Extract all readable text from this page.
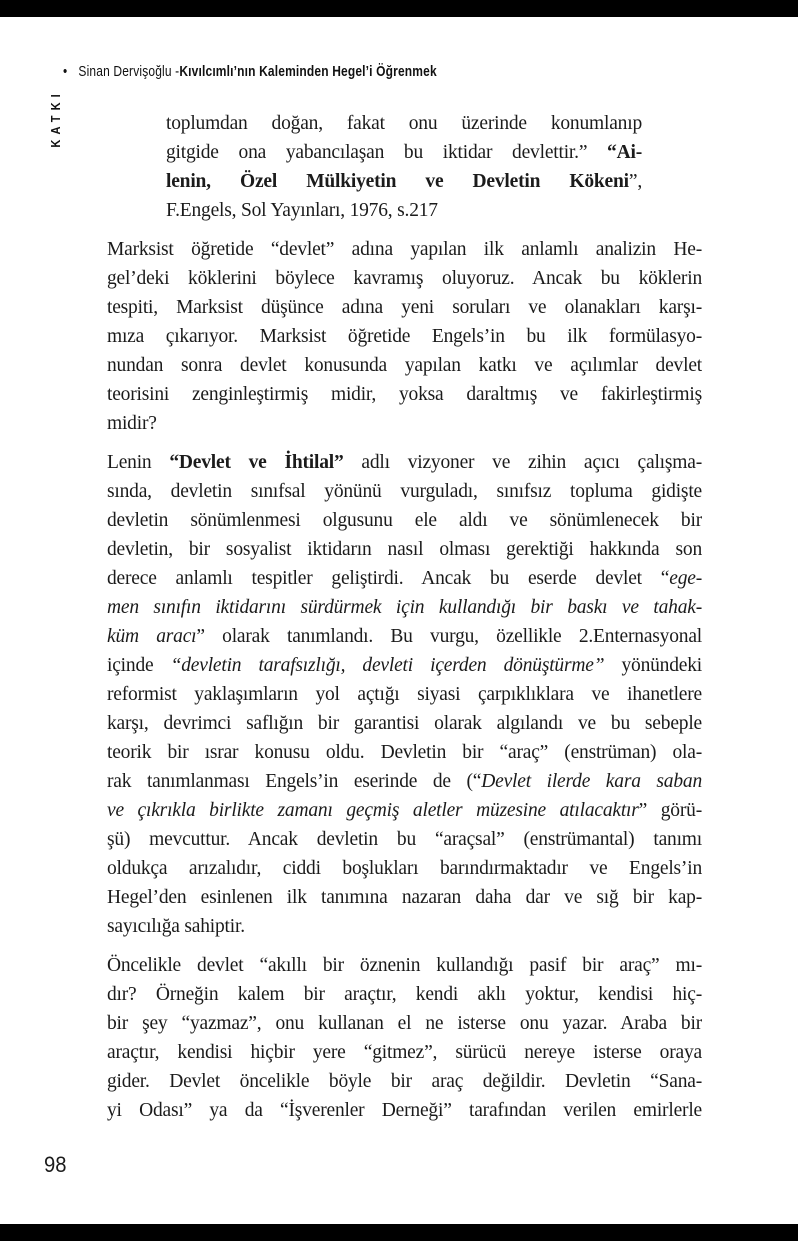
• Sinan Dervişoğlu - Kıvılcımlı’nın Kaleminden Hegel’i Öğrenmek
KATKI	toplumdan doğan, fakat onu üzerinde konumlanıp
gitgide ona yabancılaşan bu iktidar devlettir.” “Ai-
lenin, Özel Mülkiyetin ve Devletin Kökeni”,
F.Engels, Sol Yayınları, 1976, s.217
Marksist öğretide “devlet” adına yapılan ilk anlamlı analizin He-
gel’deki köklerini böylece kavramış oluyoruz. Ancak bu köklerin
tespiti, Marksist düşünce adına yeni soruları ve olanakları karşı-
mıza çıkarıyor. Marksist öğretide Engels’in bu ilk formülasyo-
nundan sonra devlet konusunda yapılan katkı ve açılımlar devlet
teorisini zenginleştirmiş midir, yoksa daraltmış ve fakirleştirmiş
midir?
Lenin “Devlet ve İhtilal” adlı vizyoner ve zihin açıcı çalışma-
sında, devletin sınıfsal yönünü vurguladı, sınıfsız topluma gidişte
devletin sönümlenmesi olgusunu ele aldı ve sönümlenecek bir
devletin, bir sosyalist iktidarın nasıl olması gerektiği hakkında son
derece anlamlı tespitler geliştirdi. Ancak bu eserde devlet “ege-
men sınıfın iktidarını sürdürmek için kullandığı bir baskı ve tahak-
küm aracı” olarak tanımlandı. Bu vurgu, özellikle 2.Enternasyonal
içinde “devletin tarafsızlığı, devleti içerden dönüştürme” yönündeki
reformist yaklaşımların yol açtığı siyasi çarpıklıklara ve ihanetlere
karşı, devrimci saflığın bir garantisi olarak algılandı ve bu sebeple
teorik bir ısrar konusu oldu. Devletin bir “araç” (enstrüman) ola-
rak tanımlanması Engels’in eserinde de (“Devlet ilerde kara saban
ve çıkrıkla birlikte zamanı geçmiş aletler müzesine atılacaktır” görü-
şü) mevcuttur. Ancak devletin bu “araçsal” (enstrümantal) tanımı
oldukça arızalıdır, ciddi boşlukları barındırmaktadır ve Engels’in
Hegel’den esinlenen ilk tanımına nazaran daha dar ve sığ bir kap-
sayıcılığa sahiptir.
Öncelikle devlet “akıllı bir öznenin kullandığı pasif bir araç” mı-
dır? Örneğin kalem bir araçtır, kendi aklı yoktur, kendisi hiç-
bir şey “yazmaz”, onu kullanan el ne isterse onu yazar. Araba bir
araçtır, kendisi hiçbir yere “gitmez”, sürücü nereye isterse oraya
gider. Devlet öncelikle böyle bir araç değildir. Devletin “Sana-
yi Odası” ya da “İşverenler Derneği” tarafından verilen emirlerle
98
